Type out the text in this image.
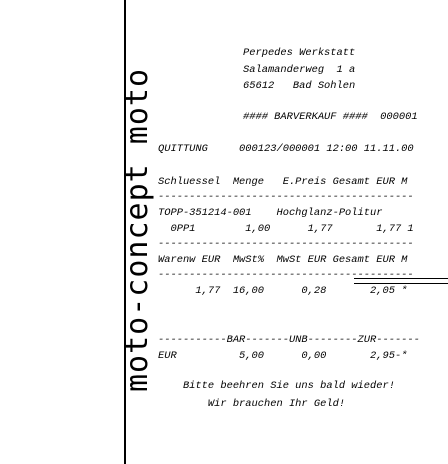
moto-concept moto
Perpedes Werkstatt
Salamanderweg  1 a
65612   Bad Sohlen
#### BARVERKAUF ####  000001
QUITTUNG     000123/000001 12:00 11.11.00
Schluessel  Menge   E.Preis Gesamt EUR M
-----------------------------------------
TOPP-351214-001    Hochglanz-Politur
0PP1        1,00      1,77       1,77 1
-----------------------------------------
Warenw EUR  MwSt%  MwSt EUR Gesamt EUR M
-----------------------------------------
1,77  16,00      0,28       2,05 *
-----------BAR-------UNB--------ZUR-------
EUR          5,00      0,00       2,95-*
Bitte beehren Sie uns bald wieder!
Wir brauchen Ihr Geld!
